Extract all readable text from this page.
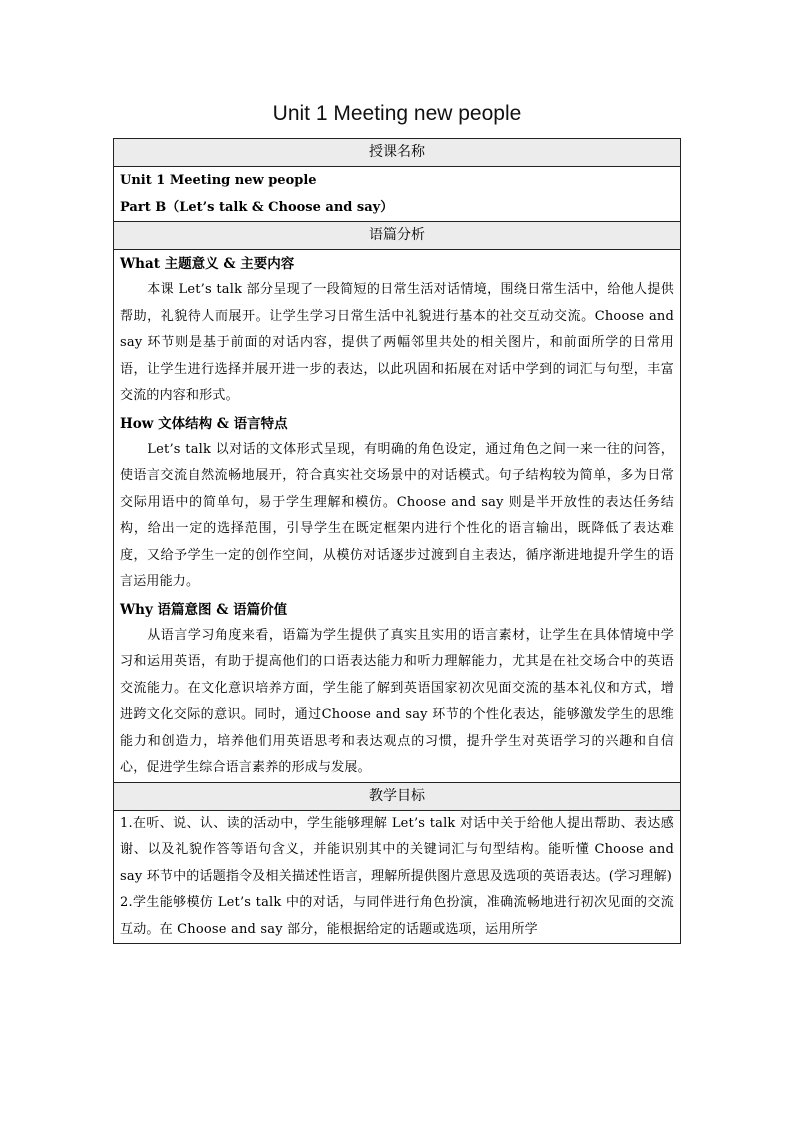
Unit 1 Meeting new people
授课名称

Unit 1 Meeting new people
Part B（Let’s talk & Choose and say）

语篇分析

What 主题意义 & 主要内容
本课 Let’s talk 部分呈现了一段简短的日常生活对话情境，围绕日常生活中，给他人提供帮助，礼貌待人而展开。让学生学习日常生活中礼貌进行基本的社交互动交流。Choose and say 环节则是基于前面的对话内容，提供了两幅邻里共处的相关图片，和前面所学的日常用语，让学生进行选择并展开进一步的表达，以此巩固和拓展在对话中学到的词汇与句型，丰富交流的内容和形式。
How 文体结构 & 语言特点
Let’s talk 以对话的文体形式呈现，有明确的角色设定，通过角色之间一来一往的问答，使语言交流自然流畅地展开，符合真实社交场景中的对话模式。句子结构较为简单，多为日常交际用语中的简单句，易于学生理解和模仿。Choose and say 则是半开放性的表达任务结构，给出一定的选择范围，引导学生在既定框架内进行个性化的语言输出，既降低了表达难度，又给予学生一定的创作空间，从模仿对话逐步过渡到自主表达，循序渐进地提升学生的语言运用能力。
Why 语篇意图 & 语篇价值
从语言学习角度来看，语篇为学生提供了真实且实用的语言素材，让学生在具体情境中学习和运用英语，有助于提高他们的口语表达能力和听力理解能力，尤其是在社交场合中的英语交流能力。在文化意识培养方面，学生能了解到英语国家初次见面交流的基本礼仪和方式，增进跨文化交际的意识。同时，通过Choose and say 环节的个性化表达，能够激发学生的思维能力和创造力，培养他们用英语思考和表达观点的习惯，提升学生对英语学习的兴趣和自信心，促进学生综合语言素养的形成与发展。

教学目标

1.在听、说、认、读的活动中，学生能够理解 Let’s talk 对话中关于给他人提出帮助、表达感谢、以及礼貌作答等语句含义，并能识别其中的关键词汇与句型结构。能听懂 Choose and say 环节中的话题指令及相关描述性语言，理解所提供图片意思及选项的英语表达。(学习理解)
2.学生能够模仿 Let’s talk 中的对话，与同伴进行角色扮演，准确流畅地进行初次见面的交流互动。在 Choose and say 部分，能根据给定的话题或选项，运用所学
